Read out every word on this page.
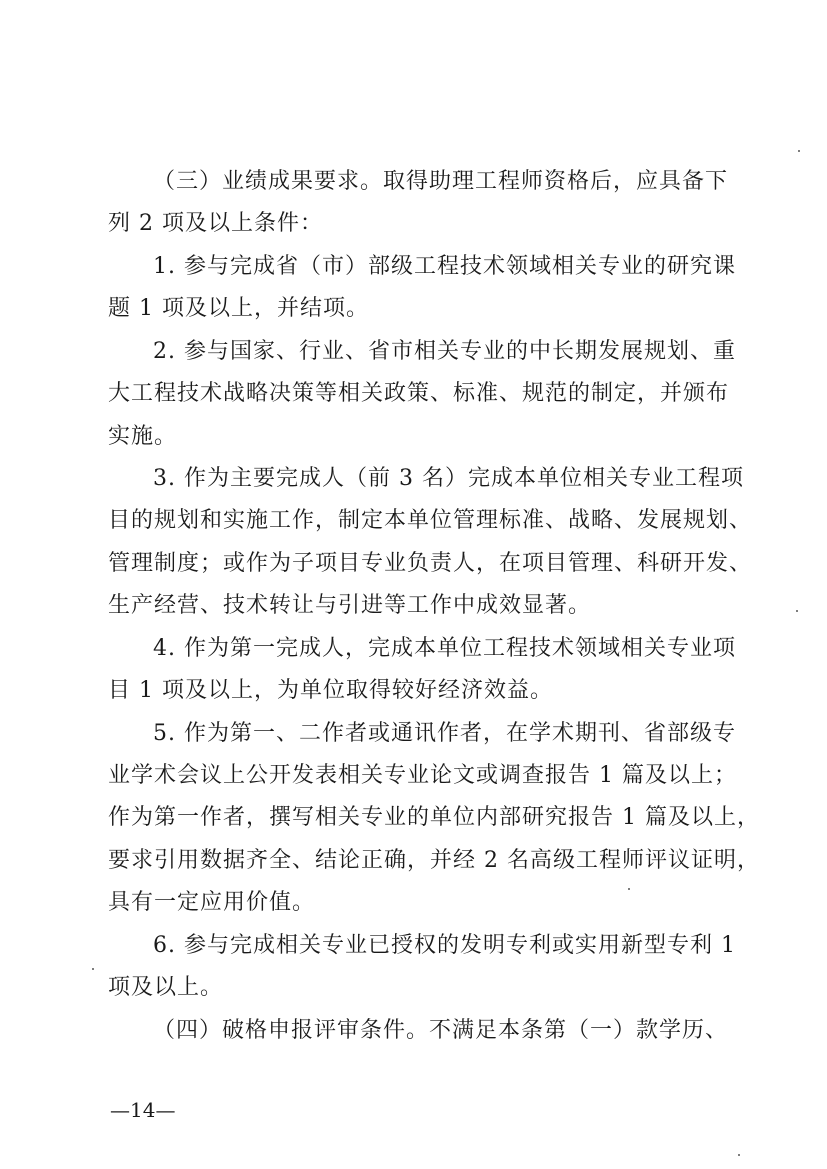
（三）业绩成果要求。取得助理工程师资格后，应具备下
列 2 项及以上条件：
1. 参与完成省（市）部级工程技术领域相关专业的研究课
题 1 项及以上，并结项。
2. 参与国家、行业、省市相关专业的中长期发展规划、重
大工程技术战略决策等相关政策、标准、规范的制定，并颁布
实施。
3. 作为主要完成人（前 3 名）完成本单位相关专业工程项
目的规划和实施工作，制定本单位管理标准、战略、发展规划、
管理制度；或作为子项目专业负责人，在项目管理、科研开发、
生产经营、技术转让与引进等工作中成效显著。
4. 作为第一完成人，完成本单位工程技术领域相关专业项
目 1 项及以上，为单位取得较好经济效益。
5. 作为第一、二作者或通讯作者，在学术期刊、省部级专
业学术会议上公开发表相关专业论文或调查报告 1 篇及以上；
作为第一作者，撰写相关专业的单位内部研究报告 1 篇及以上，
要求引用数据齐全、结论正确，并经 2 名高级工程师评议证明，
具有一定应用价值。
6. 参与完成相关专业已授权的发明专利或实用新型专利 1
项及以上。
（四）破格申报评审条件。不满足本条第（一）款学历、
—14—
